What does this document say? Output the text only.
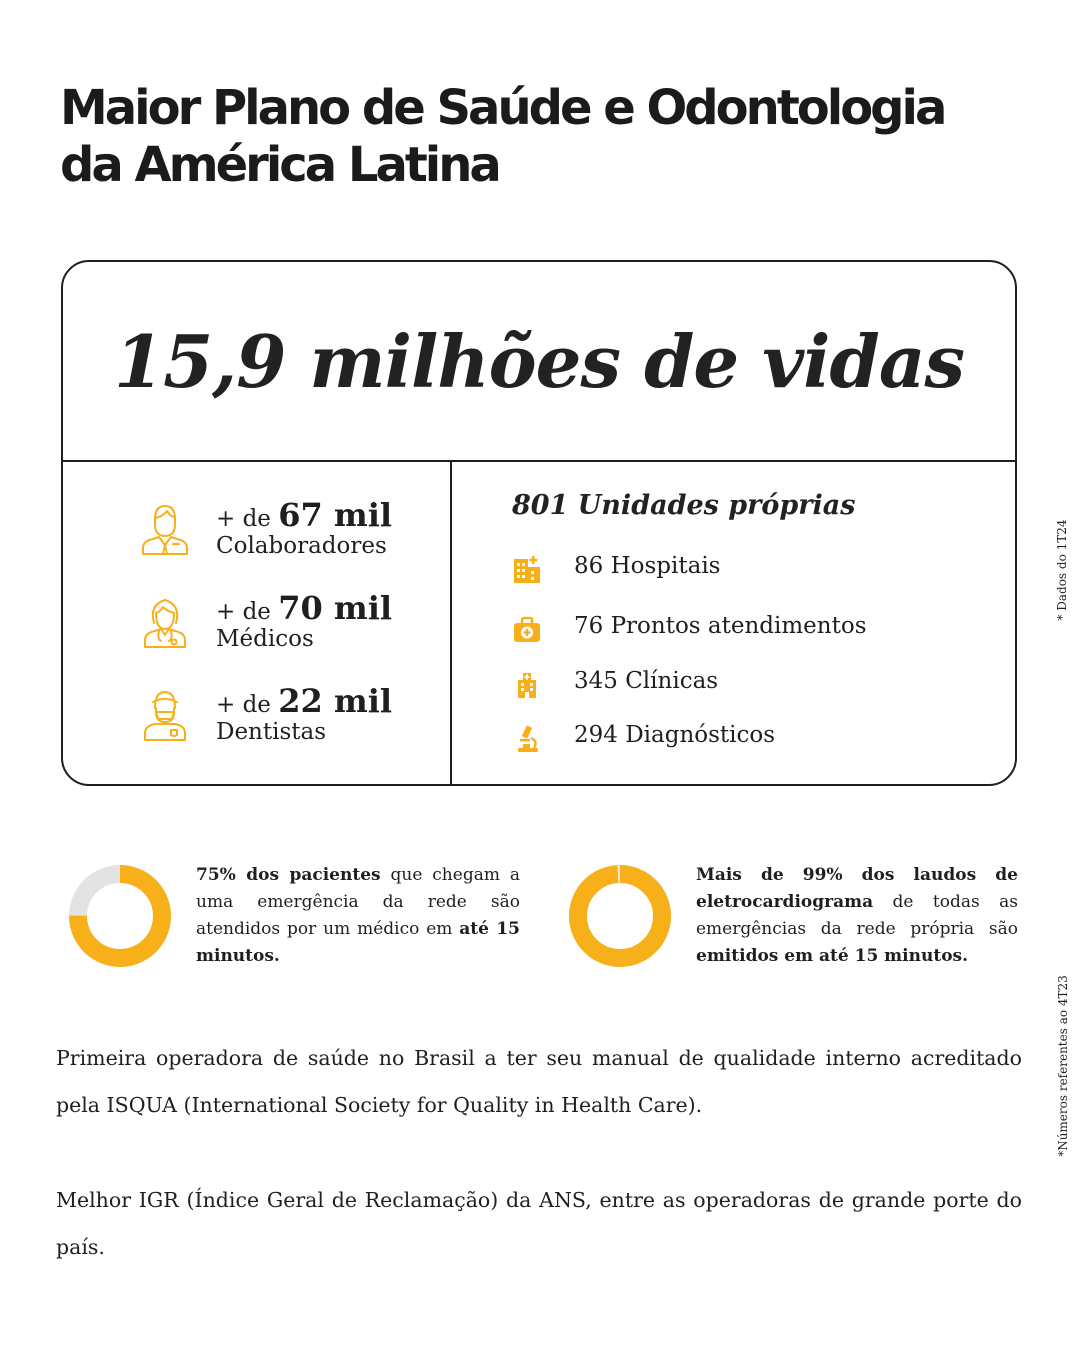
Maior Plano de Saúde e Odontologia
da América Latina
15,9 milhões de vidas
+ de 67 mil
Colaboradores
+ de 70 mil
Médicos
+ de 22 mil
Dentistas
801 Unidades próprias
86 Hospitais
76 Prontos atendimentos
345 Clínicas
294 Diagnósticos

75% dos pacientes que chegam a uma emergência da rede são atendidos por um médico em até 15 minutos.

Mais de 99% dos laudos de eletrocardiograma de todas as emergências da rede própria são emitidos em até 15 minutos.

Primeira operadora de saúde no Brasil a ter seu manual de qualidade interno acreditado pela ISQUA (International Society for Quality in Health Care).

Melhor IGR (Índice Geral de Reclamação) da ANS, entre as operadoras de grande porte do país.

* Dados do 1T24
*Números referentes ao 4T23
